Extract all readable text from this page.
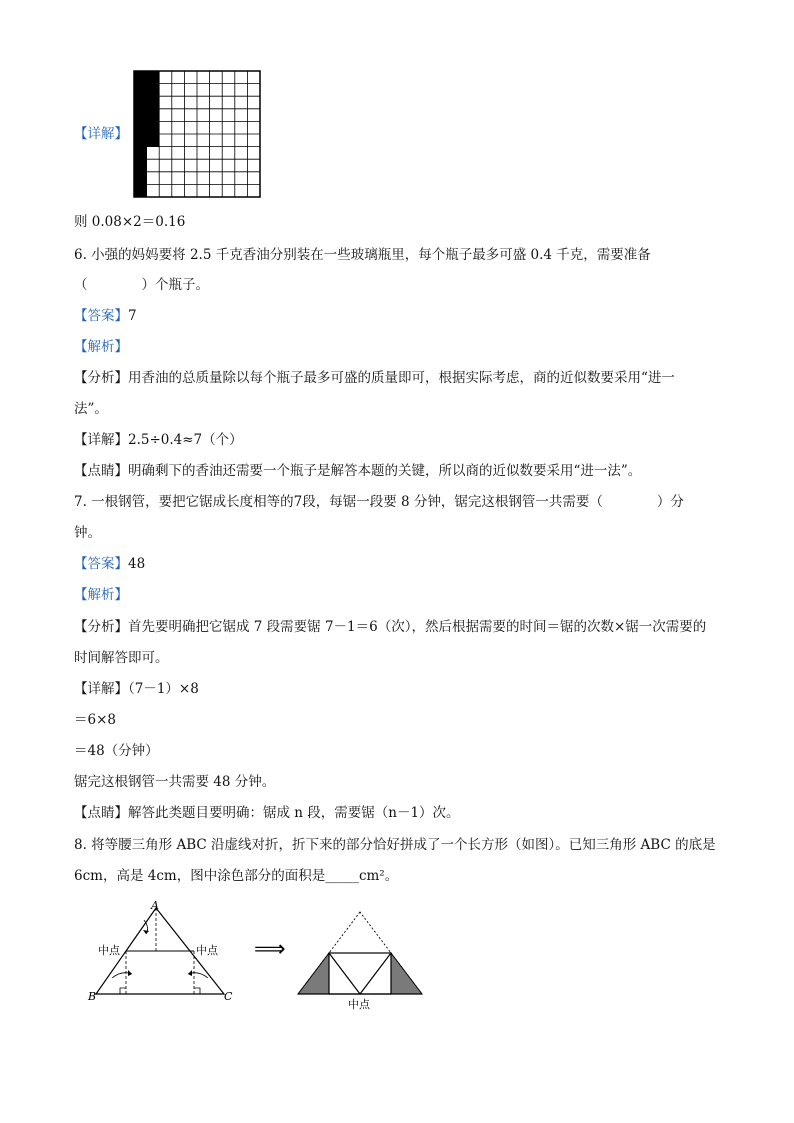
【详解】
则 0.08×2＝0.16
6. 小强的妈妈要将 2.5 千克香油分别装在一些玻璃瓶里，每个瓶子最多可盛 0.4 千克，需要准备
（　　　　）个瓶子。
【答案】7
【解析】
【分析】用香油的总质量除以每个瓶子最多可盛的质量即可，根据实际考虑，商的近似数要采用“进一
法”。
【详解】2.5÷0.4≈7（个）
【点睛】明确剩下的香油还需要一个瓶子是解答本题的关键，所以商的近似数要采用“进一法”。
7. 一根钢管，要把它锯成长度相等的7段，每锯一段要 8 分钟，锯完这根钢管一共需要（　　　　）分
钟。
【答案】48
【解析】
【分析】首先要明确把它锯成 7 段需要锯 7－1＝6（次），然后根据需要的时间＝锯的次数×锯一次需要的
时间解答即可。
【详解】（7－1）×8
＝6×8
＝48（分钟）
锯完这根钢管一共需要 48 分钟。
【点睛】解答此类题目要明确：锯成 n 段，需要锯（n－1）次。
8. 将等腰三角形 ABC 沿虚线对折，折下来的部分恰好拼成了一个长方形（如图）。已知三角形 ABC 的底是
6cm，高是 4cm，图中涂色部分的面积是_____cm²。
A
B	C
中点	中点 ⟹
中点
